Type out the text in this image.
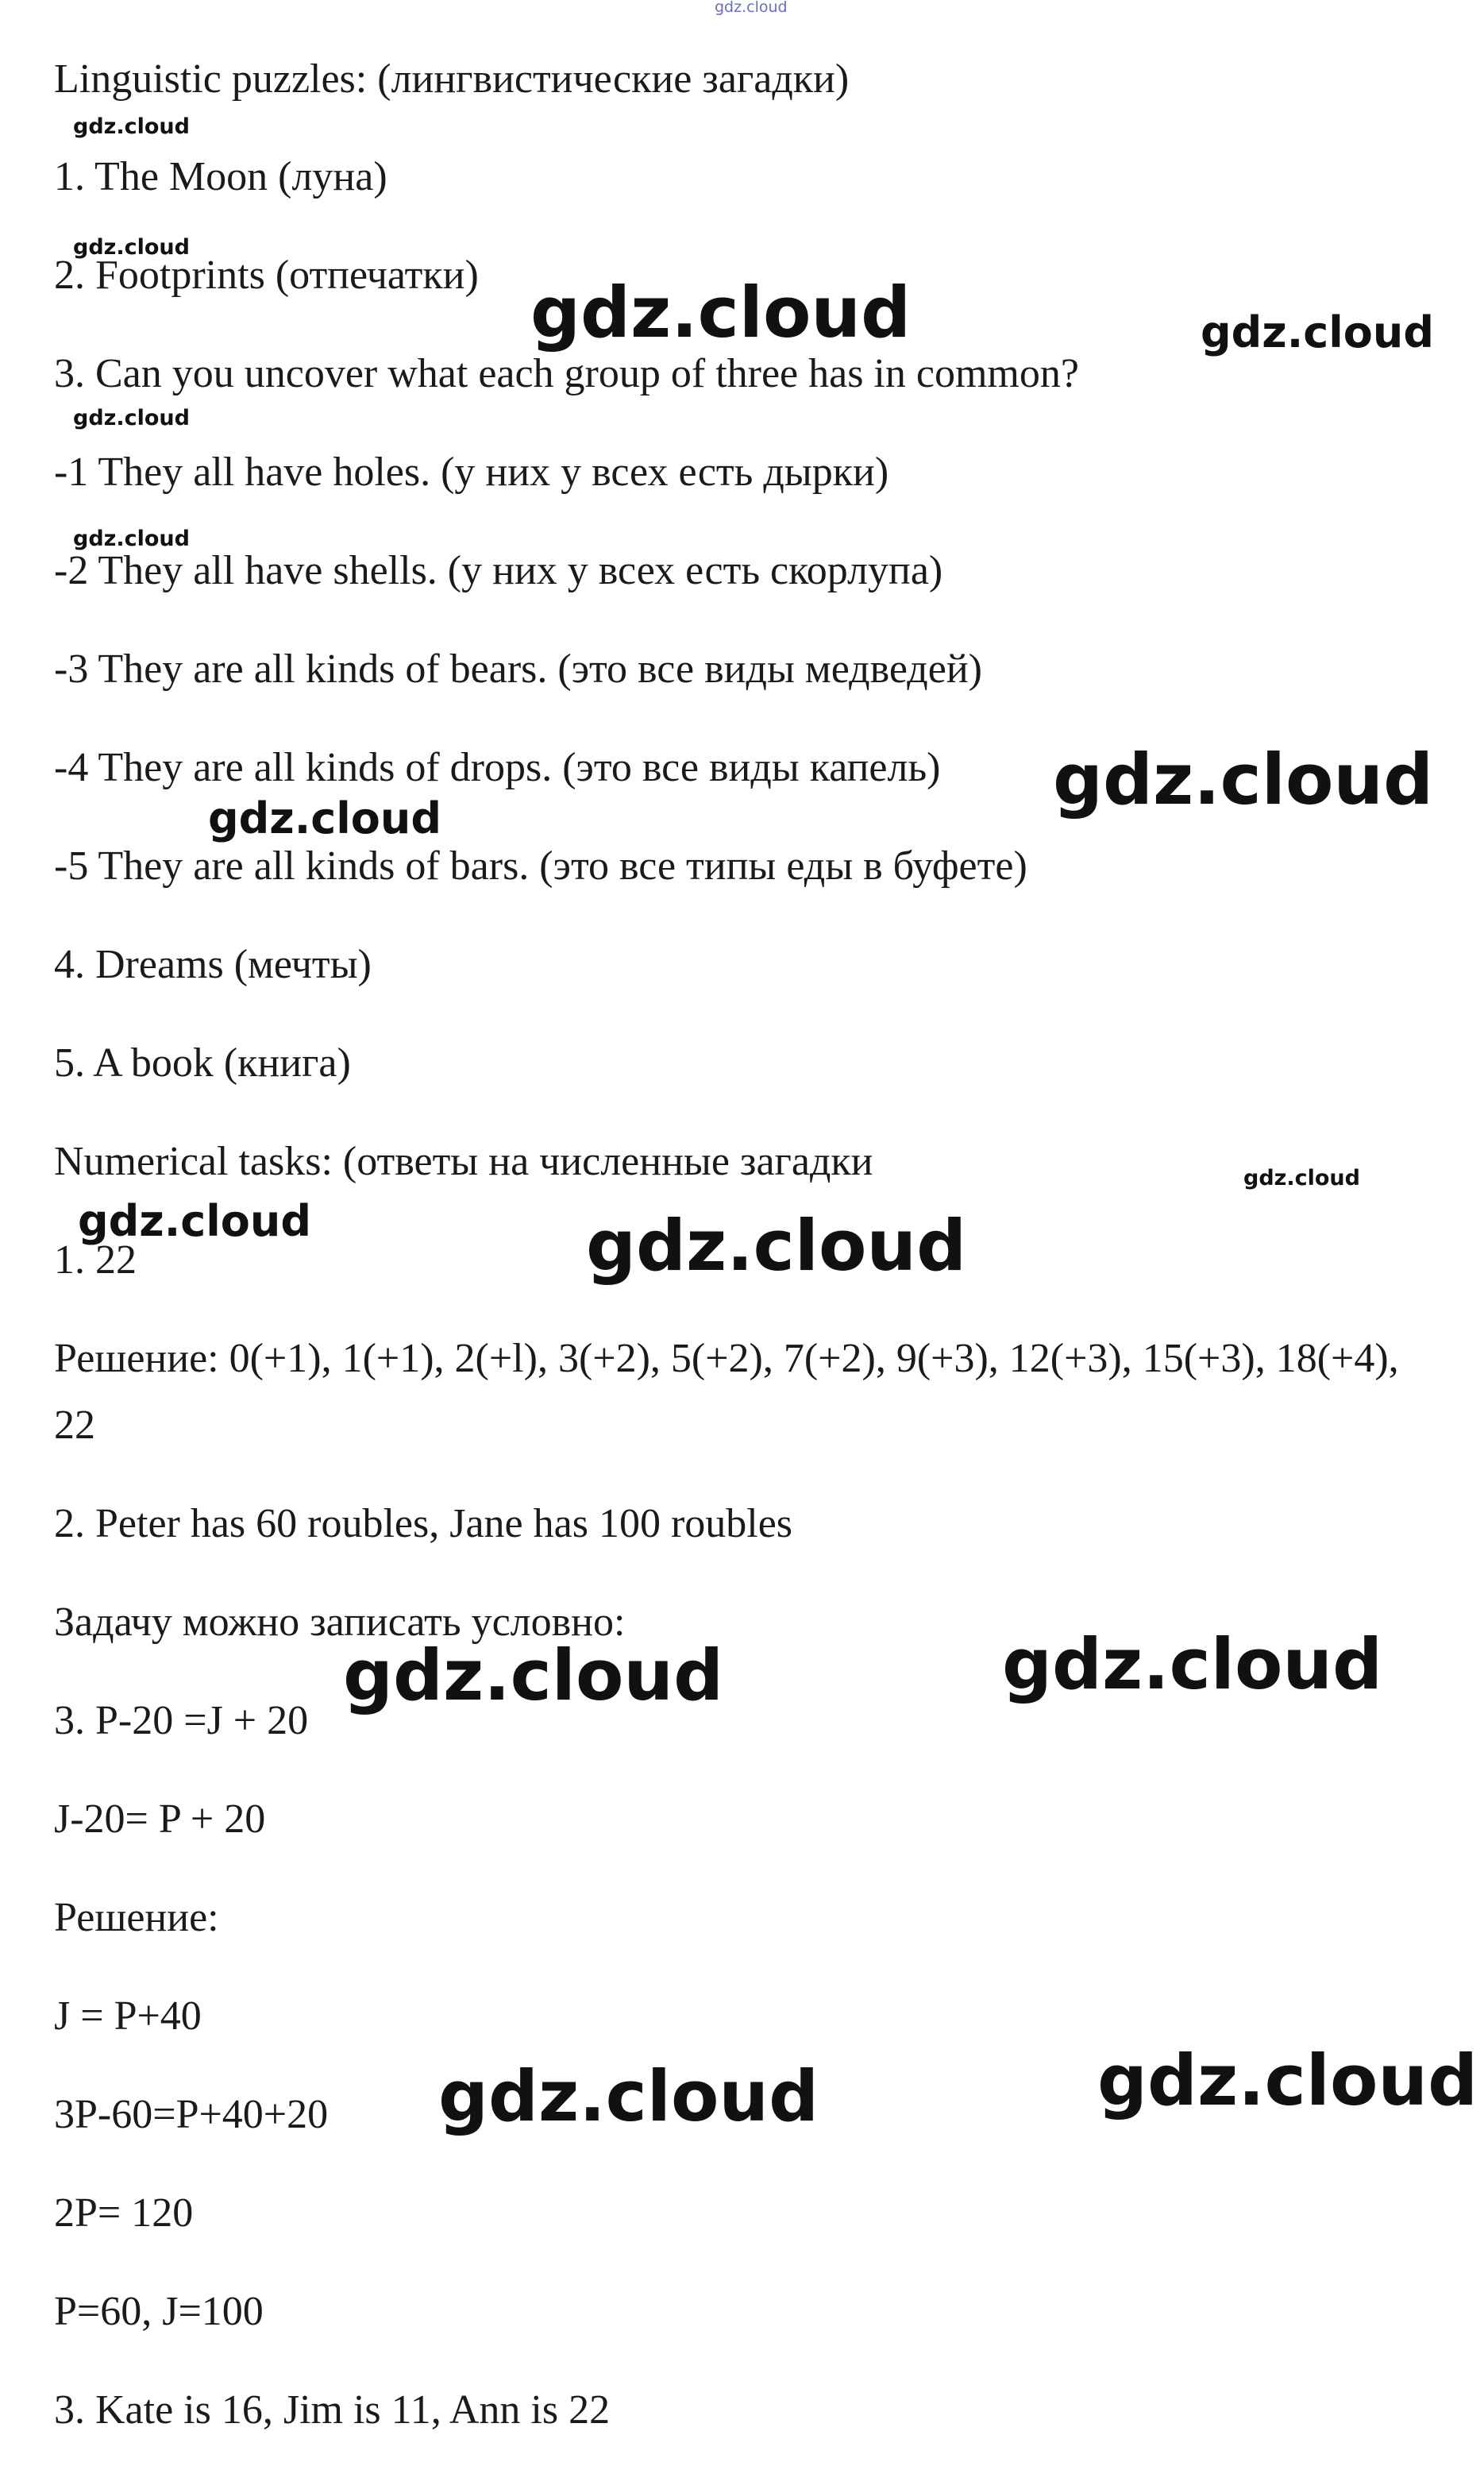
Linguistic puzzles: (лингвистические загадки)

1. The Moon (луна)

2. Footprints (отпечатки)

3. Can you uncover what each group of three has in common?

-1 They all have holes. (у них у всех есть дырки)

-2 They all have shells. (у них у всех есть скорлупа)

-3 They are all kinds of bears. (это все виды медведей)

-4 They are all kinds of drops. (это все виды капель)

-5 They are all kinds of bars. (это все типы еды в буфете)

4. Dreams (мечты)

5. A book (книга)

Numerical tasks: (ответы на численные загадки

1. 22

Решение: 0(+1), 1(+1), 2(+l), 3(+2), 5(+2), 7(+2), 9(+3), 12(+3), 15(+3), 18(+4), 22

2. Peter has 60 roubles, Jane has 100 roubles

Задачу можно записать условно:

3. P-20 =J + 20

J-20= P + 20

Решение:

J = P+40

3P-60=P+40+20

2P= 120

P=60, J=100

3. Kate is 16, Jim is 11, Ann is 22

gdz.cloud
gdz.cloud
gdz.cloud
gdz.cloud
gdz.cloud
gdz.cloud	gdz.cloud
gdz.cloud
gdz.cloud
gdz.cloud
gdz.cloud	gdz.cloud
gdz.cloud
gdz.cloud
gdz.cloud
gdz.cloud
